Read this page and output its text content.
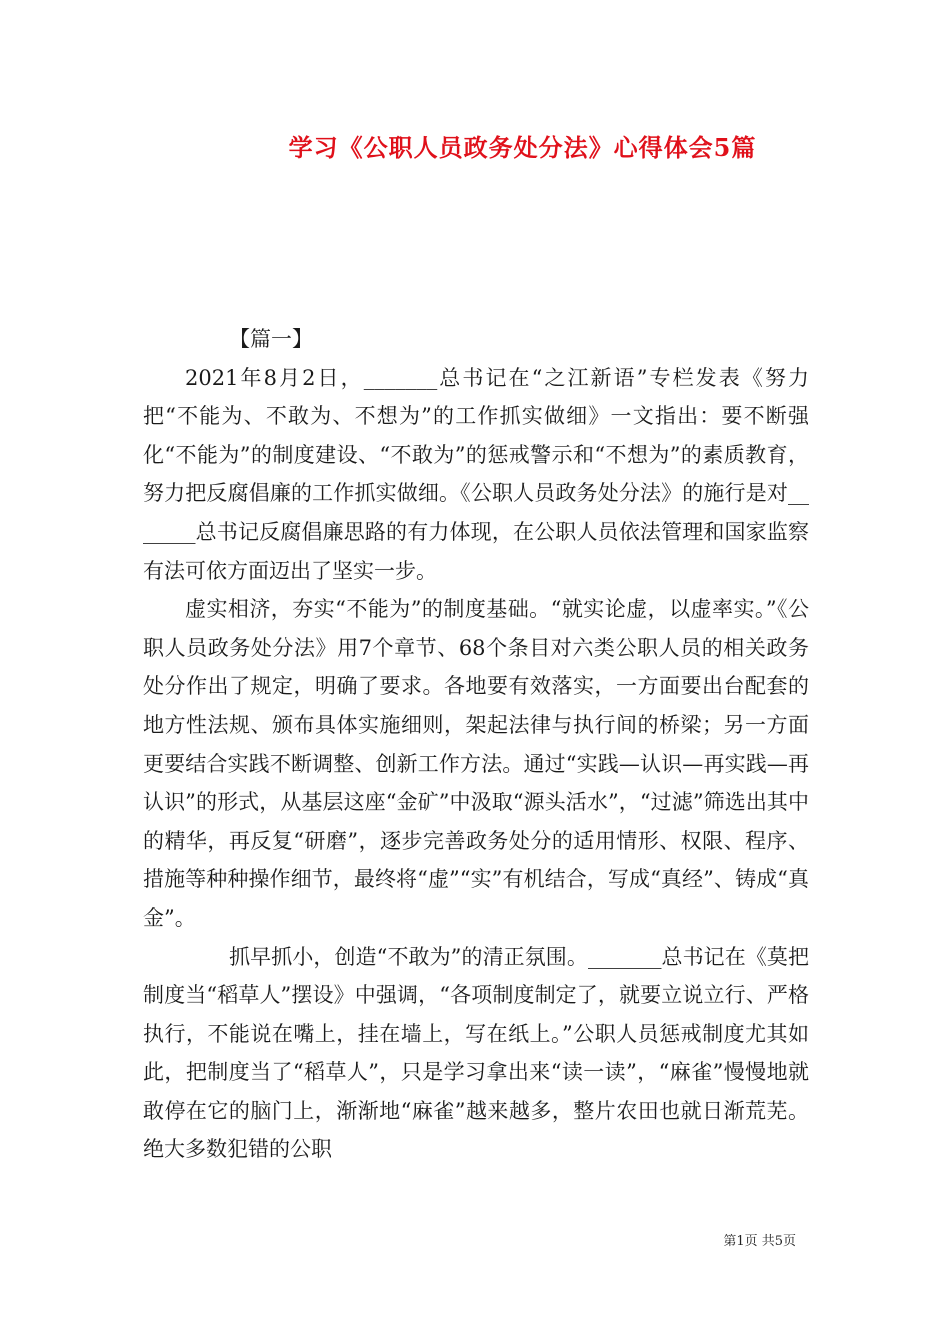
学习《公职人员政务处分法》心得体会5篇

【篇一】

2021年8月2日，_______总书记在“之江新语”专栏发表《努力把“不能为、不敢为、不想为”的工作抓实做细》一文指出：要不断强化“不能为”的制度建设、“不敢为”的惩戒警示和“不想为”的素质教育，努力把反腐倡廉的工作抓实做细。《公职人员政务处分法》的施行是对_______总书记反腐倡廉思路的有力体现，在公职人员依法管理和国家监察有法可依方面迈出了坚实一步。

虚实相济，夯实“不能为”的制度基础。“就实论虚，以虚率实。”《公职人员政务处分法》用7个章节、68个条目对六类公职人员的相关政务处分作出了规定，明确了要求。各地要有效落实，一方面要出台配套的地方性法规、颁布具体实施细则，架起法律与执行间的桥梁；另一方面更要结合实践不断调整、创新工作方法。通过“实践—认识—再实践—再认识”的形式，从基层这座“金矿”中汲取“源头活水”，“过滤”筛选出其中的精华，再反复“研磨”，逐步完善政务处分的适用情形、权限、程序、措施等种种操作细节，最终将“虚”“实”有机结合，写成“真经”、铸成“真金”。

抓早抓小，创造“不敢为”的清正氛围。_______总书记在《莫把制度当“稻草人”摆设》中强调，“各项制度制定了，就要立说立行、严格执行，不能说在嘴上，挂在墙上，写在纸上。”公职人员惩戒制度尤其如此，把制度当了“稻草人”，只是学习拿出来“读一读”，“麻雀”慢慢地就敢停在它的脑门上，渐渐地“麻雀”越来越多，整片农田也就日渐荒芜。绝大多数犯错的公职

第1页 共5页
